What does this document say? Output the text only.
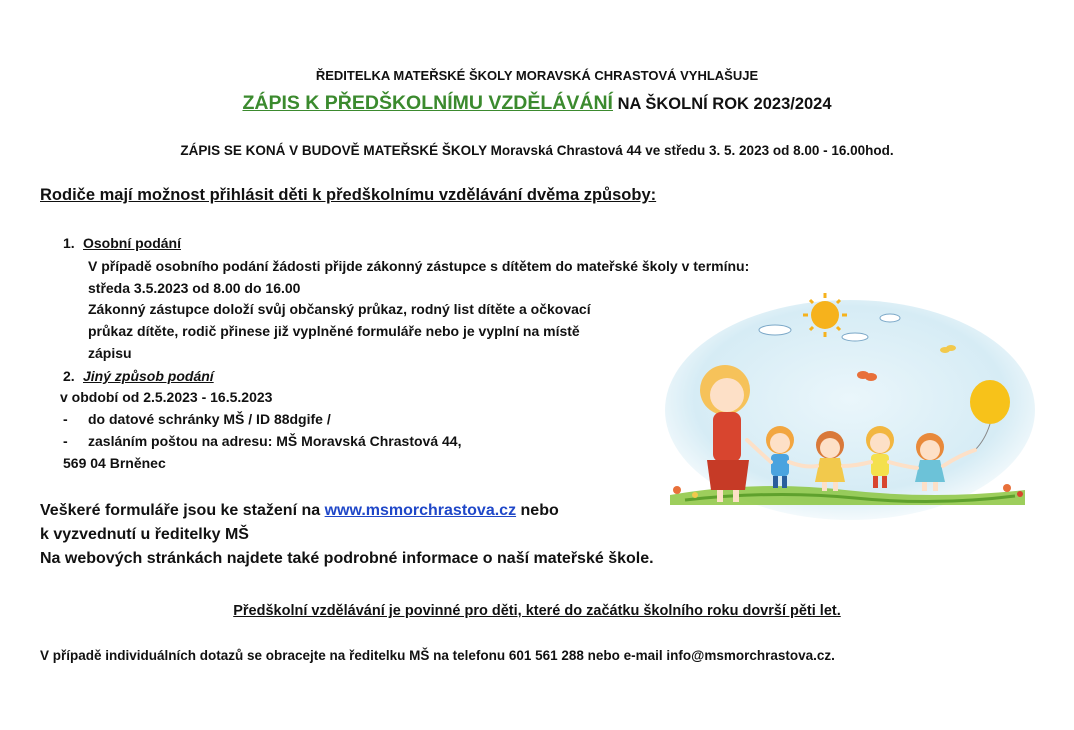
ŘEDITELKA MATEŘSKÉ ŠKOLY MORAVSKÁ CHRASTOVÁ VYHLAŠUJE
ZÁPIS K PŘEDŠKOLNÍMU VZDĚLÁVÁNÍ NA ŠKOLNÍ ROK 2023/2024
ZÁPIS SE KONÁ V BUDOVĚ MATEŘSKÉ ŠKOLY Moravská Chrastová 44 ve středu 3. 5. 2023 od 8.00 - 16.00hod.
Rodiče mají možnost přihlásit děti k předškolnímu vzdělávání dvěma způsoby:
1. Osobní podání
V případě osobního podání žádosti přijde zákonný zástupce s dítětem do mateřské školy v termínu:
středa 3.5.2023 od 8.00 do 16.00
Zákonný zástupce doloží svůj občanský průkaz, rodný list dítěte a očkovací
průkaz dítěte, rodič přinese již vyplněné formuláře nebo je vyplní na místě
zápisu
2. Jiný způsob podání
v období od 2.5.2023 - 16.5.2023
- do datové schránky MŠ / ID 88dgife /
- zasláním poštou na adresu: MŠ Moravská Chrastová 44,
569 04 Brněnec
Veškeré formuláře jsou ke stažení na www.msmorchrastova.cz nebo
k vyzvednutí u ředitelky MŠ
Na webových stránkách najdete také podrobné informace o naší mateřské škole.
Předškolní vzdělávání je povinné pro děti, které do začátku školního roku dovrší pěti let.
V případě individuálních dotazů se obracejte na ředitelku MŠ na telefonu 601 561 288 nebo e-mail info@msmorchrastova.cz.
